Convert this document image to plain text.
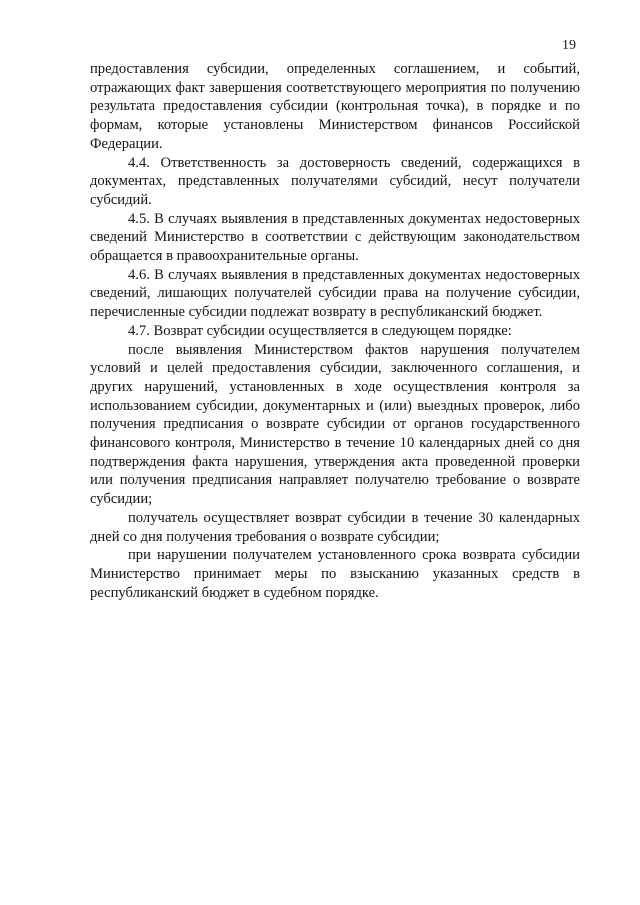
19

предоставления субсидии, определенных соглашением, и событий, отражающих факт завершения соответствующего мероприятия по получению результата предоставления субсидии (контрольная точка), в порядке и по формам, которые установлены Министерством финансов Российской Федерации.

4.4. Ответственность за достоверность сведений, содержащихся в документах, представленных получателями субсидий, несут получатели субсидий.

4.5. В случаях выявления в представленных документах недостоверных сведений Министерство в соответствии с действующим законодательством обращается в правоохранительные органы.

4.6. В случаях выявления в представленных документах недостоверных сведений, лишающих получателей субсидии права на получение субсидии, перечисленные субсидии подлежат возврату в республиканский бюджет.

4.7. Возврат субсидии осуществляется в следующем порядке:

после выявления Министерством фактов нарушения получателем условий и целей предоставления субсидии, заключенного соглашения, и других нарушений, установленных в ходе осуществления контроля за использованием субсидии, документарных и (или) выездных проверок, либо получения предписания о возврате субсидии от органов государственного финансового контроля, Министерство в течение 10 календарных дней со дня подтверждения факта нарушения, утверждения акта проведенной проверки или получения предписания направляет получателю требование о возврате субсидии;

получатель осуществляет возврат субсидии в течение 30 календарных дней со дня получения требования о возврате субсидии;

при нарушении получателем установленного срока возврата субсидии Министерство принимает меры по взысканию указанных средств в республиканский бюджет в судебном порядке.
